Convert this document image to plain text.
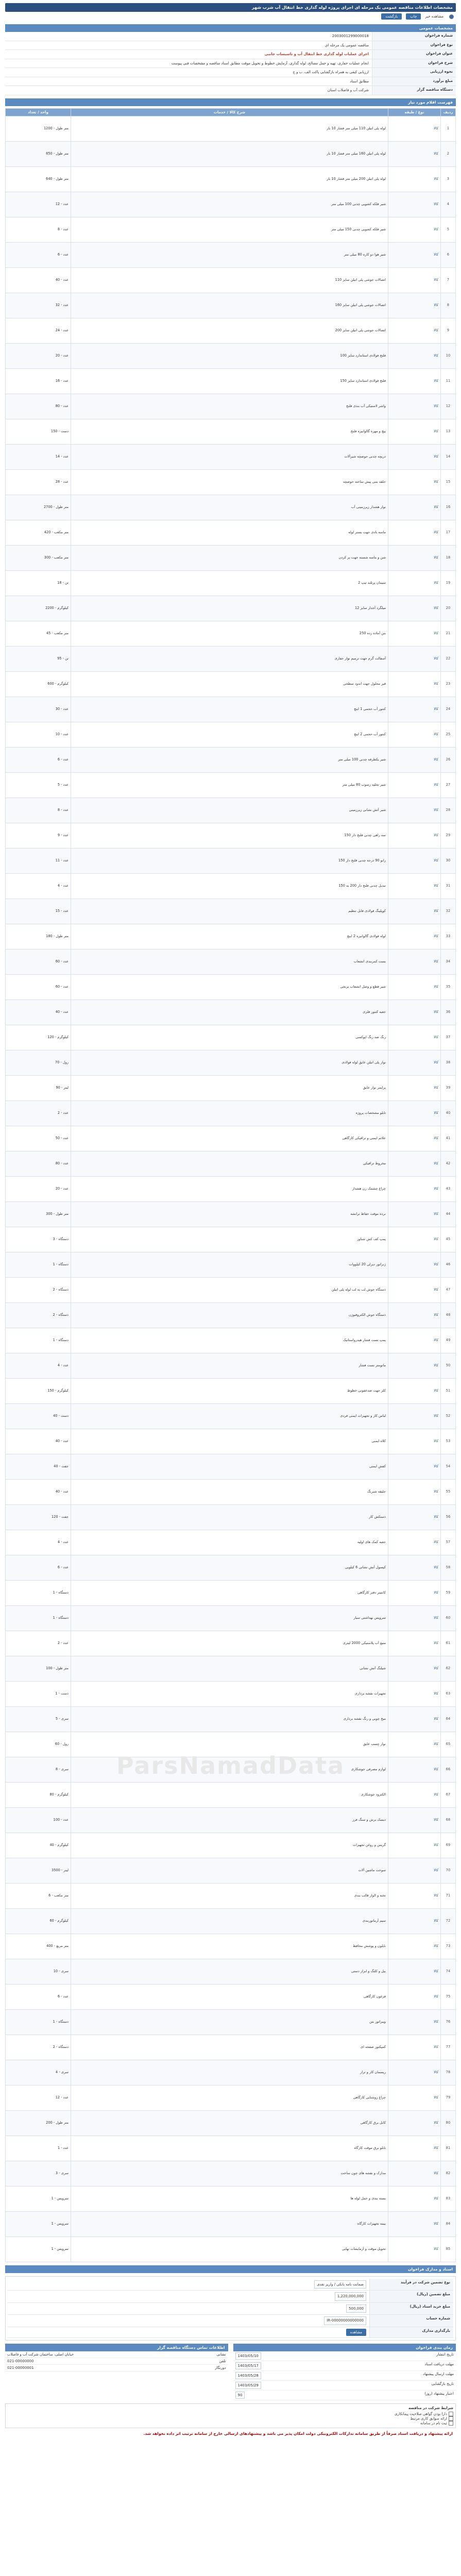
مشخصات اطلاعات مناقصه عمومی یک مرحله ای اجرای پروژه لوله گذاری خط انتقال آب شرب شهر
مشاهده خبر
چاپ
بازگشت
مشخصات عمومی
شماره فراخوان
2003001299000018
نوع فراخوان
مناقصه عمومی یک مرحله ای
عنوان فراخوان
اجرای عملیات لوله گذاری خط انتقال آب و تاسیسات جانبی
شرح فراخوان
انجام عملیات حفاری، تهیه و حمل مصالح، لوله گذاری، آزمایش خطوط و تحویل موقت مطابق اسناد مناقصه و مشخصات فنی پیوست
نحوه ارزیابی
ارزیابی کیفی به همراه بازگشایی پاکت الف، ب و ج
مبلغ برآورد
مطابق اسناد
دستگاه مناقصه گزار
شرکت آب و فاضلاب استان
فهرست اقلام مورد نیاز
ردیف	نوع / طبقه	شرح کالا / خدمات	واحد / تعداد
1	کالا	لوله پلی اتیلن 110 میلی متر فشار 10 بار	متر طول - 1200
2	کالا	لوله پلی اتیلن 160 میلی متر فشار 10 بار	متر طول - 850
3	کالا	لوله پلی اتیلن 200 میلی متر فشار 10 بار	متر طول - 640
4	کالا	شیر فلکه کشویی چدنی 100 میلی متر	عدد - 12
5	کالا	شیر فلکه کشویی چدنی 150 میلی متر	عدد - 8
6	کالا	شیر هوا دو کاره 80 میلی متر	عدد - 6
7	کالا	اتصالات جوشی پلی اتیلن سایز 110	عدد - 40
8	کالا	اتصالات جوشی پلی اتیلن سایز 160	عدد - 32
9	کالا	اتصالات جوشی پلی اتیلن سایز 200	عدد - 24
10	کالا	فلنج فولادی استاندارد سایز 100	عدد - 20
11	کالا	فلنج فولادی استاندارد سایز 150	عدد - 16
12	کالا	واشر لاستیکی آب بندی فلنج	عدد - 80
13	کالا	پیچ و مهره گالوانیزه فلنج	دست - 150
14	کالا	دریچه چدنی حوضچه شیرآلات	عدد - 14
15	کالا	حلقه بتنی پیش ساخته حوضچه	عدد - 28
16	کالا	نوار هشدار زیرزمینی آب	متر طول - 2700
17	کالا	ماسه بادی جهت بستر لوله	متر مکعب - 420
18	کالا	شن و ماسه شسته جهت پر کردن	متر مکعب - 300
19	کالا	سیمان پرتلند تیپ 2	تن - 18
20	کالا	میلگرد آجدار سایز 12	کیلوگرم - 2200
21	کالا	بتن آماده رده 250	متر مکعب - 45
22	کالا	آسفالت گرم جهت ترمیم نوار حفاری	تن - 95
23	کالا	قیر محلول جهت اندود سطحی	کیلوگرم - 600
24	کالا	کنتور آب حجمی 1 اینچ	عدد - 30
25	کالا	کنتور آب حجمی 2 اینچ	عدد - 10
26	کالا	شیر یکطرفه چدنی 100 میلی متر	عدد - 6
27	کالا	شیر تخلیه رسوب 80 میلی متر	عدد - 5
28	کالا	شیر آتش نشانی زیرزمینی	عدد - 8
29	کالا	سه راهی چدنی فلنج دار 150	عدد - 9
30	کالا	زانو 90 درجه چدنی فلنج دار 150	عدد - 11
31	کالا	تبدیل چدنی فلنج دار 200 به 150	عدد - 4
32	کالا	کوپلینگ فولادی قابل تنظیم	عدد - 15
33	کالا	لوله فولادی گالوانیزه 2 اینچ	متر طول - 180
34	کالا	بست کمربندی انشعاب	عدد - 60
35	کالا	شیر قطع و وصل انشعاب برنجی	عدد - 60
36	کالا	جعبه کنتور فلزی	عدد - 40
37	کالا	رنگ ضد زنگ اپوکسی	کیلوگرم - 120
38	کالا	نوار پلی اتیلن عایق لوله فولادی	رول - 70
39	کالا	پرایمر نوار عایق	لیتر - 90
40	کالا	تابلو مشخصات پروژه	عدد - 2
41	کالا	علائم ایمنی و ترافیکی کارگاهی	عدد - 50
42	کالا	مخروط ترافیکی	عدد - 80
43	کالا	چراغ چشمک زن هشدار	عدد - 20
44	کالا	نرده موقت حفاظ ترانشه	متر طول - 300
45	کالا	پمپ کف کش شناور	دستگاه - 3
46	کالا	ژنراتور دیزلی 20 کیلووات	دستگاه - 1
47	کالا	دستگاه جوش لب به لب لوله پلی اتیلن	دستگاه - 2
48	کالا	دستگاه جوش الکتروفیوژن	دستگاه - 2
49	کالا	پمپ تست فشار هیدرواستاتیک	دستگاه - 1
50	کالا	مانومتر تست فشار	عدد - 4
51	کالا	کلر جهت ضدعفونی خطوط	کیلوگرم - 150
52	کالا	لباس کار و تجهیزات ایمنی فردی	دست - 40
53	کالا	کلاه ایمنی	عدد - 40
54	کالا	کفش ایمنی	جفت - 40
55	کالا	جلیقه شبرنگ	عدد - 40
56	کالا	دستکش کار	جفت - 120
57	کالا	جعبه کمک های اولیه	عدد - 4
58	کالا	کپسول آتش نشانی 6 کیلویی	عدد - 6
59	کالا	کانتینر دفتر کارگاهی	دستگاه - 1
60	کالا	سرویس بهداشتی سیار	دستگاه - 1
61	کالا	منبع آب پلاستیکی 2000 لیتری	عدد - 2
62	کالا	شیلنگ آتش نشانی	متر طول - 100
63	کالا	تجهیزات نقشه برداری	دست - 1
64	کالا	میخ چوبی و رنگ نقشه برداری	سری - 5
65	کالا	نوار چسب عایق	رول - 60
66	کالا	لوازم مصرفی جوشکاری	سری - 8
67	کالا	الکترود جوشکاری	کیلوگرم - 80
68	کالا	دیسک برش و سنگ فرز	عدد - 100
69	کالا	گریس و روغن تجهیزات	کیلوگرم - 40
70	کالا	سوخت ماشین آلات	لیتر - 3500
71	کالا	تخته و الوار قالب بندی	متر مکعب - 6
72	کالا	سیم آرماتوربندی	کیلوگرم - 60
73	کالا	نایلون و پوشش محافظ	متر مربع - 400
74	کالا	بیل و کلنگ و ابزار دستی	سری - 10
75	کالا	فرغون کارگاهی	عدد - 6
76	کالا	ویبراتور بتن	دستگاه - 1
77	کالا	کمپکتور صفحه ای	دستگاه - 2
78	کالا	ریسمان کار و تراز	سری - 4
79	کالا	چراغ روشنایی کارگاهی	عدد - 12
80	کالا	کابل برق کارگاهی	متر طول - 200
81	کالا	تابلو برق موقت کارگاه	عدد - 1
82	کالا	مدارک و نقشه های چون ساخت	سری - 3
83	کالا	بسته بندی و حمل لوله ها	سرویس - 1
84	کالا	بیمه تجهیزات کارگاه	سرویس - 1
85	کالا	تحویل موقت و آزمایشات نهایی	سرویس - 1
اسناد و مدارک فراخوان
نوع تضمین شرکت در فرآیند
ضمانت نامه بانکی / واریز نقدی
مبلغ تضمین (ریال)
1,220,000,000
مبلغ خرید اسناد (ریال)
500,000
شماره حساب
IR-00000000000000
بارگذاری مدارک
مشاهده
زمان بندی فراخوان
تاریخ انتشار
1403/05/10
مهلت دریافت اسناد
1403/05/17
مهلت ارسال پیشنهاد
1403/05/28
تاریخ بازگشایی
1403/05/29
اعتبار پیشنهاد (روز)
90
اطلاعات تماس دستگاه مناقصه گزار
نشانی
خیابان اصلی، ساختمان شرکت آب و فاضلاب
تلفن
021-00000000
دورنگار
021-00000001
شرایط شرکت در مناقصه
دارا بودن گواهی صلاحیت پیمانکاری
ارائه سوابق کاری مرتبط
ثبت نام در سامانه
ارائه پیشنهاد و دریافت اسناد صرفاً از طریق سامانه تدارکات الکترونیکی دولت امکان پذیر می باشد و پیشنهادهای ارسالی خارج از سامانه ترتیب اثر داده نخواهد شد.
ParsNamadData
